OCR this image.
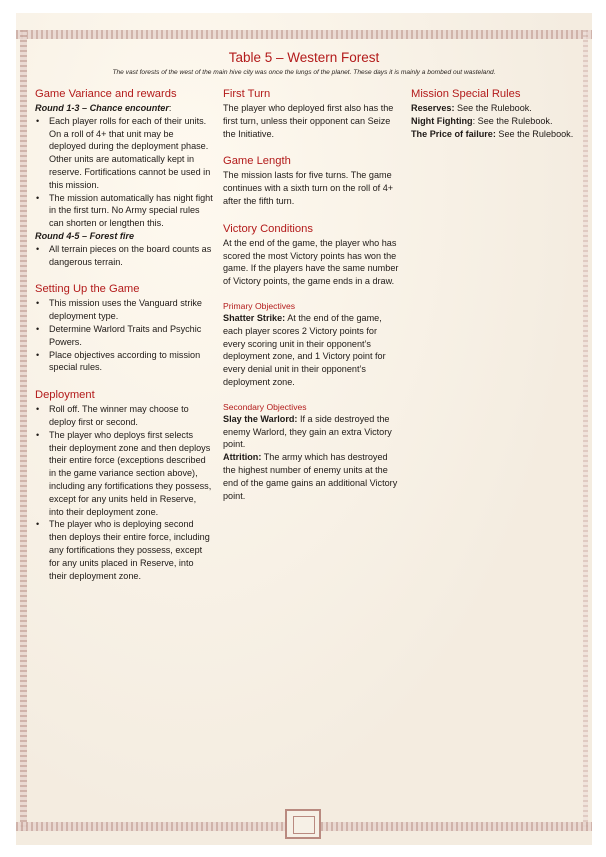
Table 5 – Western Forest

The vast forests of the west of the main hive city was once the lungs of the planet. These days it is mainly a bombed out wasteland.

Game Variance and rewards

Round 1-3 – Chance encounter:

• Each player rolls for each of their units. On a roll of 4+ that unit may be deployed during the deployment phase. Other units are automatically kept in reserve. Fortifications cannot be used in this mission.
• The mission automatically has night fight in the first turn. No Army special rules can shorten or lengthen this.

Round 4-5 – Forest fire

• All terrain pieces on the board counts as dangerous terrain.
Setting Up the Game
• This mission uses the Vanguard strike deployment type.
• Determine Warlord Traits and Psychic Powers.
• Place objectives according to mission special rules.
Deployment
• Roll off. The winner may choose to deploy first or second.
• The player who deploys first selects their deployment zone and then deploys their entire force (exceptions described in the game variance section above), including any fortifications they possess, except for any units held in Reserve, into their deployment zone.
• The player who is deploying second then deploys their entire force, including any fortifications they possess, except for any units placed in Reserve, into their deployment zone.
First Turn

The player who deployed first also has the first turn, unless their opponent can Seize the Initiative.

Game Length

The mission lasts for five turns. The game continues with a sixth turn on the roll of 4+ after the fifth turn.

Victory Conditions

At the end of the game, the player who has scored the most Victory points has won the game. If the players have the same number of Victory points, the game ends in a draw.

Primary Objectives

Shatter Strike: At the end of the game, each player scores 2 Victory points for every scoring unit in their opponent’s deployment zone, and 1 Victory point for every denial unit in their opponent’s deployment zone.

Secondary Objectives

Slay the Warlord: If a side destroyed the enemy Warlord, they gain an extra Victory point.

Attrition: The army which has destroyed the highest number of enemy units at the end of the game gains an additional Victory point.

Mission Special Rules

Reserves: See the Rulebook.

Night Fighting: See the Rulebook.

The Price of failure: See the Rulebook.
